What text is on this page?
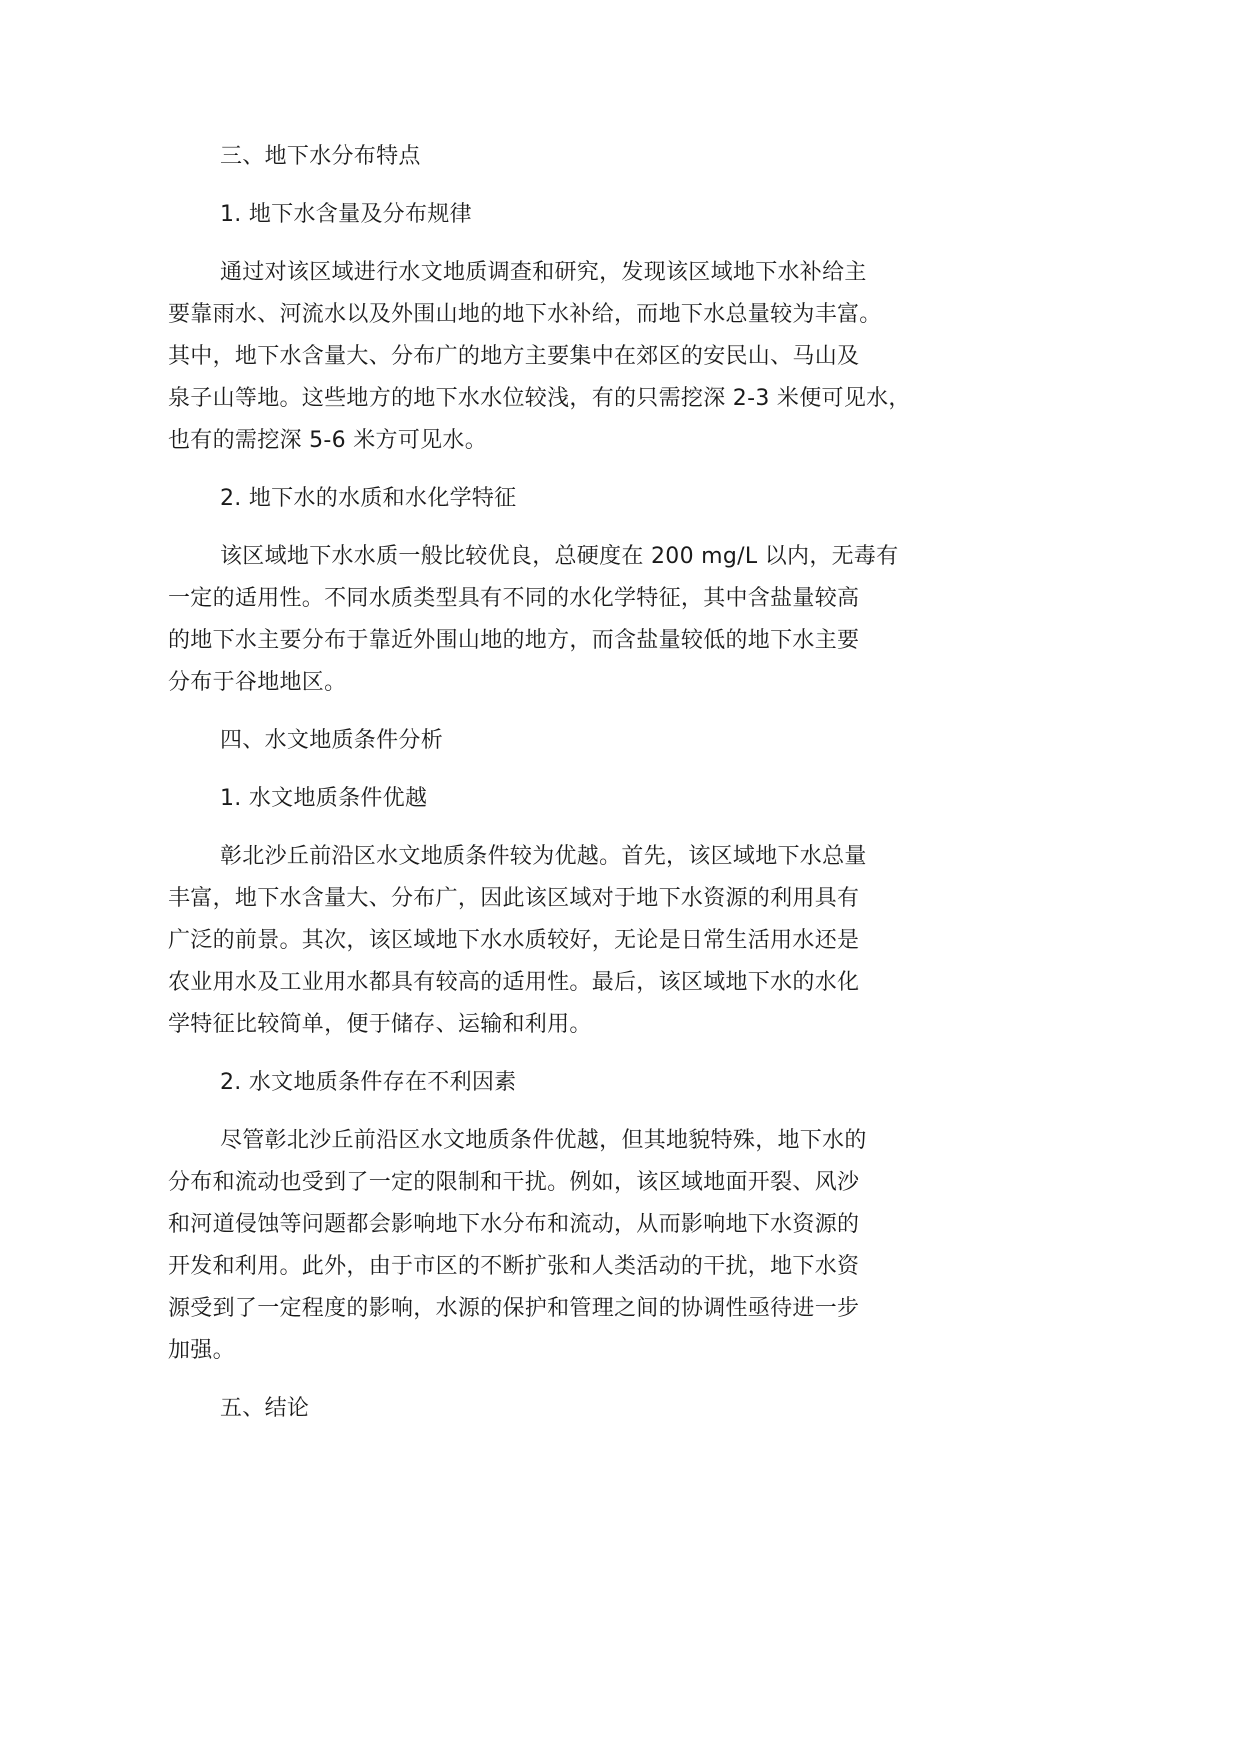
三、地下水分布特点
1. 地下水含量及分布规律
通过对该区域进行水文地质调查和研究，发现该区域地下水补给主
要靠雨水、河流水以及外围山地的地下水补给，而地下水总量较为丰富。
其中，地下水含量大、分布广的地方主要集中在郊区的安民山、马山及
泉子山等地。这些地方的地下水水位较浅，有的只需挖深 2-3 米便可见水，
也有的需挖深 5-6 米方可见水。
2. 地下水的水质和水化学特征
该区域地下水水质一般比较优良，总硬度在 200 mg/L 以内，无毒有
一定的适用性。不同水质类型具有不同的水化学特征，其中含盐量较高
的地下水主要分布于靠近外围山地的地方，而含盐量较低的地下水主要
分布于谷地地区。
四、水文地质条件分析
1. 水文地质条件优越
彰北沙丘前沿区水文地质条件较为优越。首先，该区域地下水总量
丰富，地下水含量大、分布广，因此该区域对于地下水资源的利用具有
广泛的前景。其次，该区域地下水水质较好，无论是日常生活用水还是
农业用水及工业用水都具有较高的适用性。最后，该区域地下水的水化
学特征比较简单，便于储存、运输和利用。
2. 水文地质条件存在不利因素
尽管彰北沙丘前沿区水文地质条件优越，但其地貌特殊，地下水的
分布和流动也受到了一定的限制和干扰。例如，该区域地面开裂、风沙
和河道侵蚀等问题都会影响地下水分布和流动，从而影响地下水资源的
开发和利用。此外，由于市区的不断扩张和人类活动的干扰，地下水资
源受到了一定程度的影响，水源的保护和管理之间的协调性亟待进一步
加强。
五、结论
